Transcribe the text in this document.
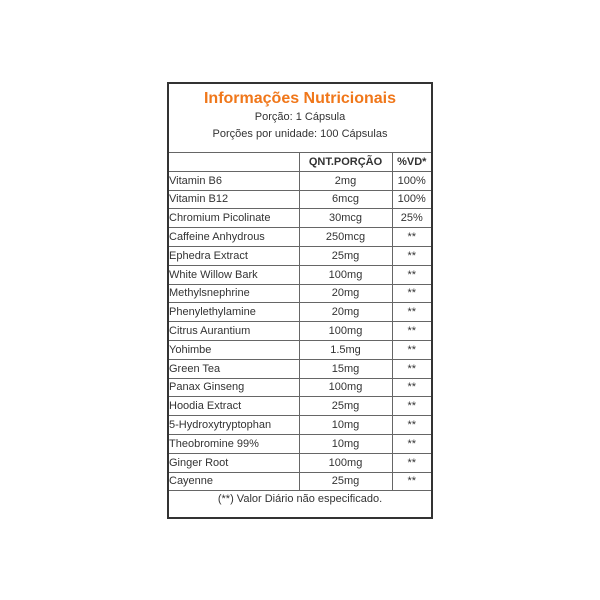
Informações Nutricionais
Porção: 1 Cápsula
Porções por unidade: 100 Cápsulas
	QNT.PORÇÃO	%VD*
Vitamin B6	2mg	100%
Vitamin B12	6mcg	100%
Chromium Picolinate	30mcg	25%
Caffeine Anhydrous	250mcg	**
Ephedra Extract	25mg	**
White Willow Bark	100mg	**
Methylsnephrine	20mg	**
Phenylethylamine	20mg	**
Citrus Aurantium	100mg	**
Yohimbe	1.5mg	**
Green Tea	15mg	**
Panax Ginseng	100mg	**
Hoodia Extract	25mg	**
5-Hydroxytryptophan	10mg	**
Theobromine 99%	10mg	**
Ginger Root	100mg	**
Cayenne	25mg	**
(**) Valor Diário não especificado.
